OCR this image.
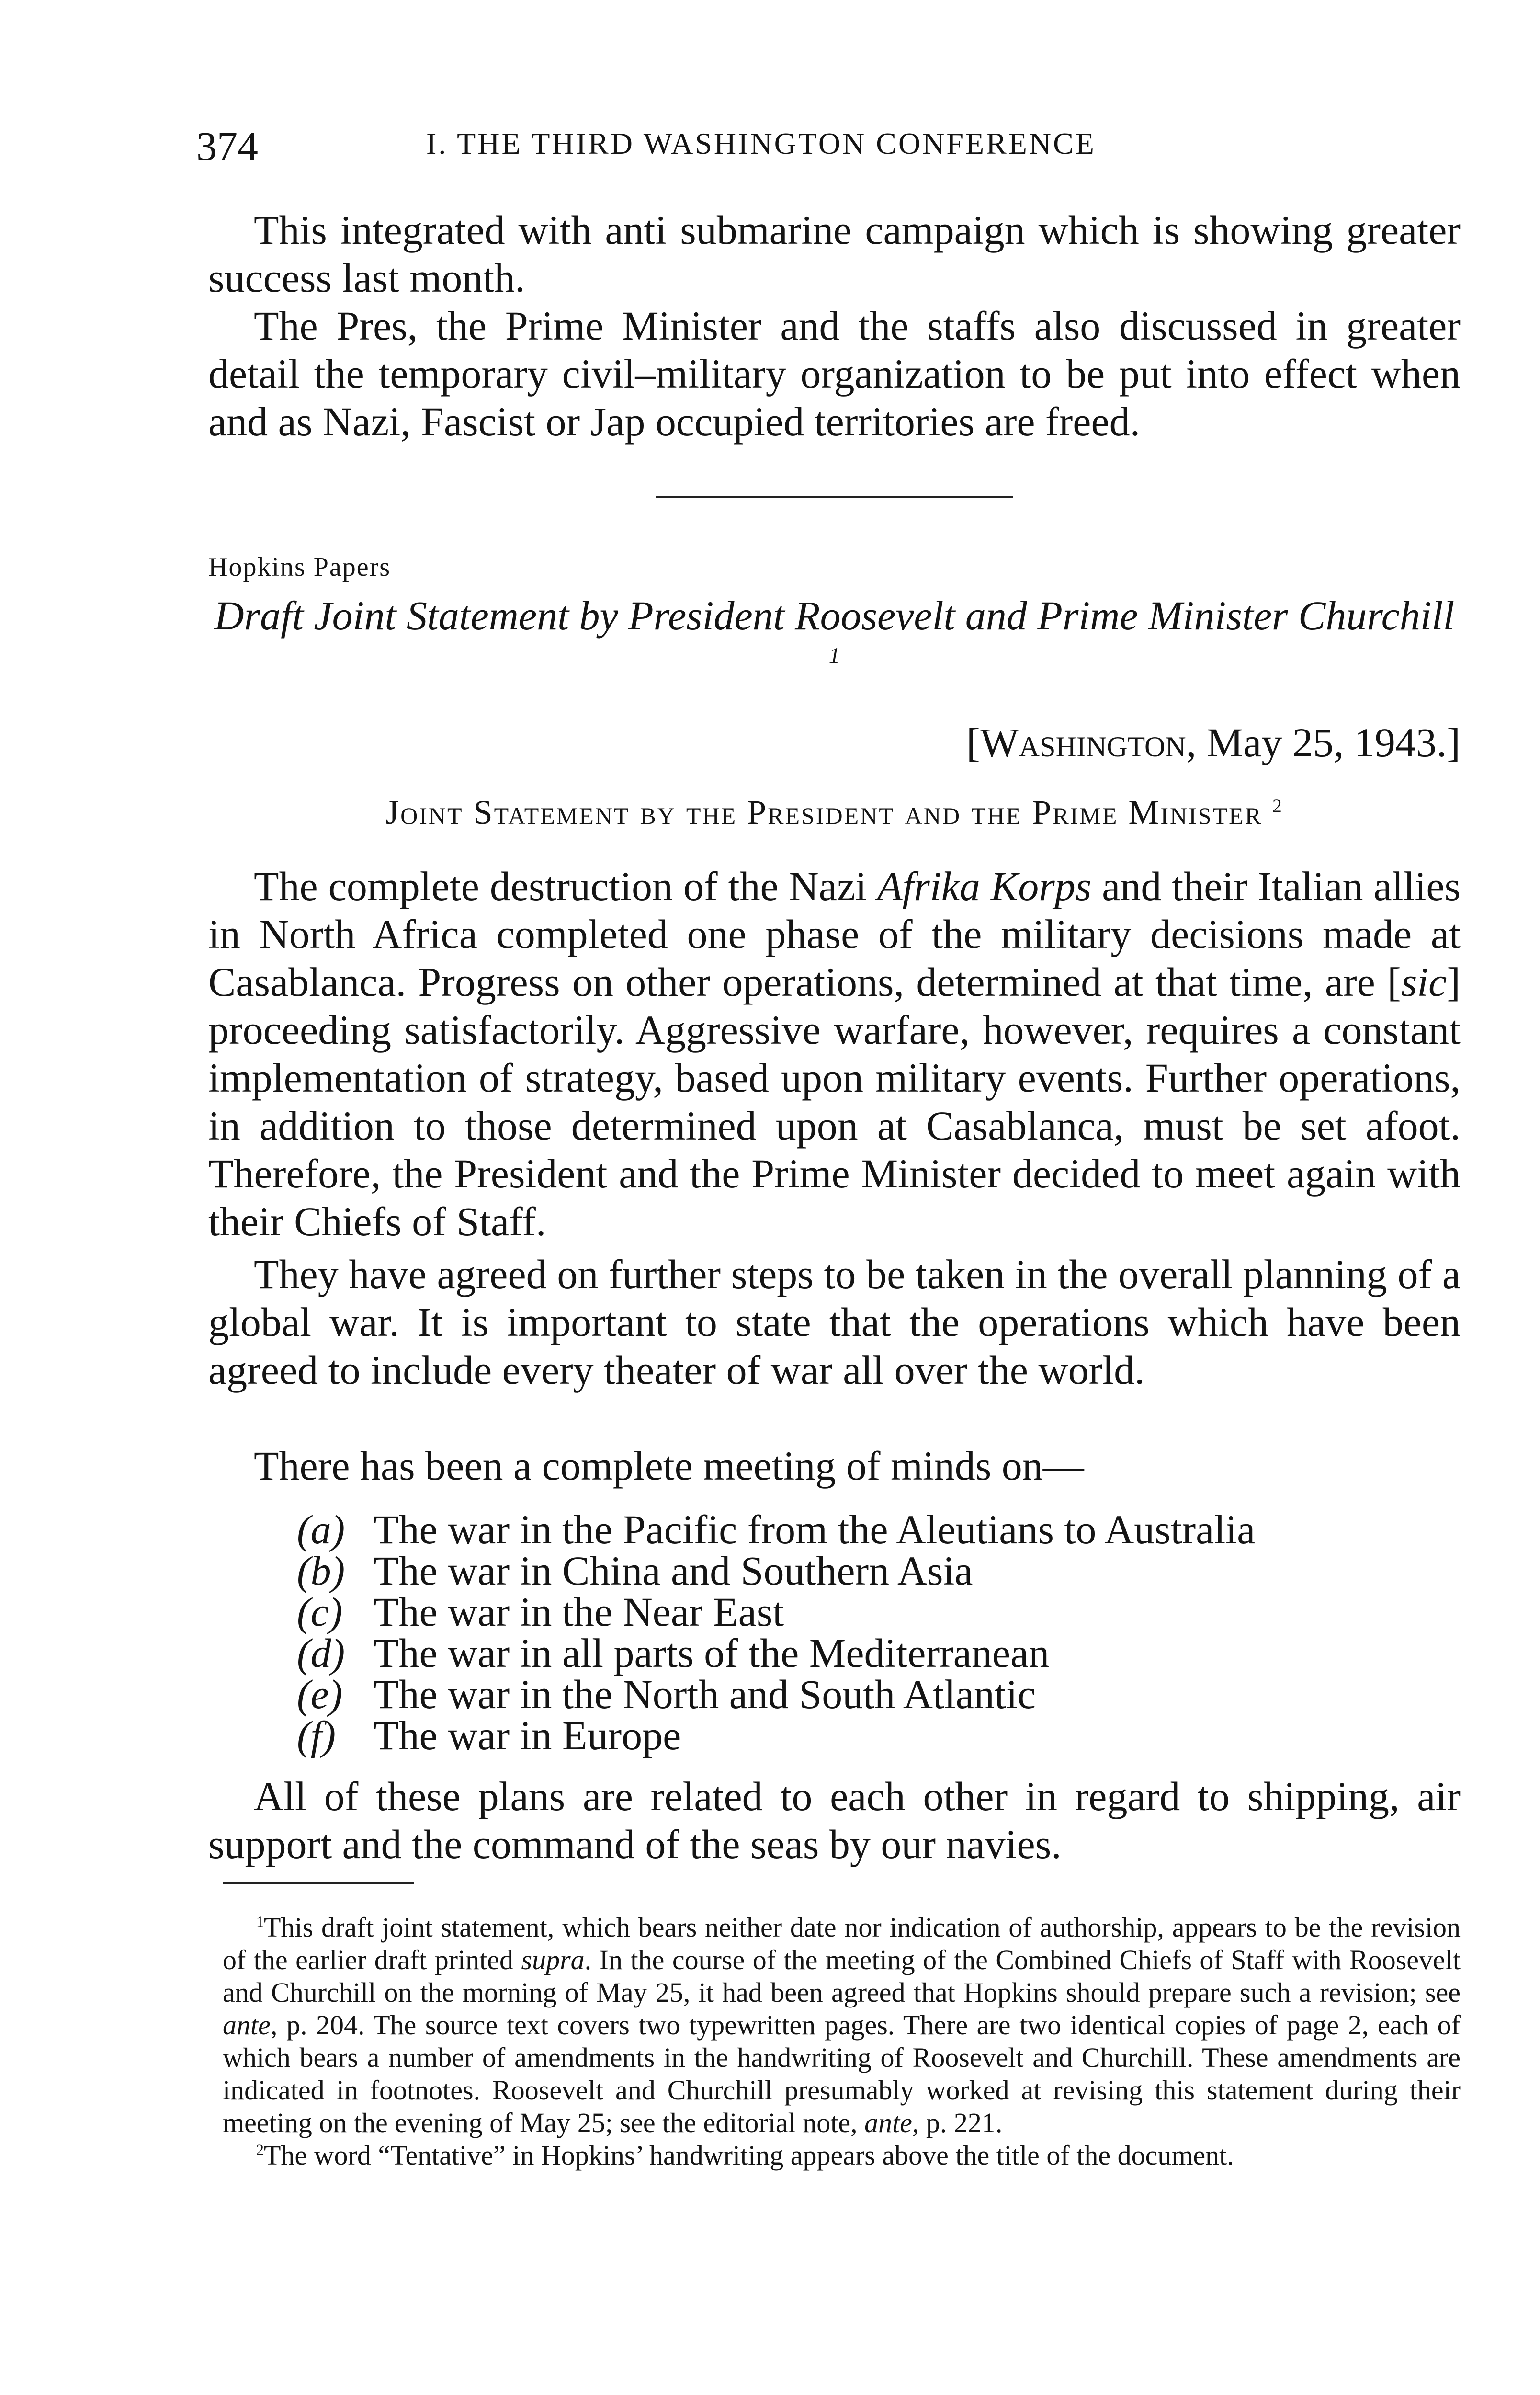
374	I. THE THIRD WASHINGTON CONFERENCE

This integrated with anti submarine campaign which is showing greater success last month.

The Pres, the Prime Minister and the staffs also discussed in greater detail the temporary civil–military organization to be put into effect when and as Nazi, Fascist or Jap occupied territories are freed.

Hopkins Papers

Draft Joint Statement by President Roosevelt and Prime Minister Churchill $^1$

[Washington, May 25, 1943.]
Joint Statement by the President and the Prime Minister $^2$

The complete destruction of the Nazi Afrika Korps and their Italian allies in North Africa completed one phase of the military decisions made at Casablanca. Progress on other operations, determined at that time, are [sic] proceeding satisfactorily. Aggressive warfare, however, requires a constant implementation of strategy, based upon military events. Further operations, in addition to those determined upon at Casablanca, must be set afoot. Therefore, the President and the Prime Minister decided to meet again with their Chiefs of Staff.

They have agreed on further steps to be taken in the overall planning of a global war. It is important to state that the operations which have been agreed to include every theater of war all over the world.

There has been a complete meeting of minds on—

(a) The war in the Pacific from the Aleutians to Australia
(b) The war in China and Southern Asia
(c) The war in the Near East
(d) The war in all parts of the Mediterranean
(e) The war in the North and South Atlantic
(f) The war in Europe

All of these plans are related to each other in regard to shipping, air support and the command of the seas by our navies.

$^1$This draft joint statement, which bears neither date nor indication of authorship, appears to be the revision of the earlier draft printed supra. In the course of the meeting of the Combined Chiefs of Staff with Roosevelt and Churchill on the morning of May 25, it had been agreed that Hopkins should prepare such a revision; see ante, p. 204. The source text covers two typewritten pages. There are two identical copies of page 2, each of which bears a number of amendments in the handwriting of Roosevelt and Churchill. These amendments are indicated in footnotes. Roosevelt and Churchill presumably worked at revising this statement during their meeting on the evening of May 25; see the editorial note, ante, p. 221.

$^2$The word “Tentative” in Hopkins’ handwriting appears above the title of the document.
